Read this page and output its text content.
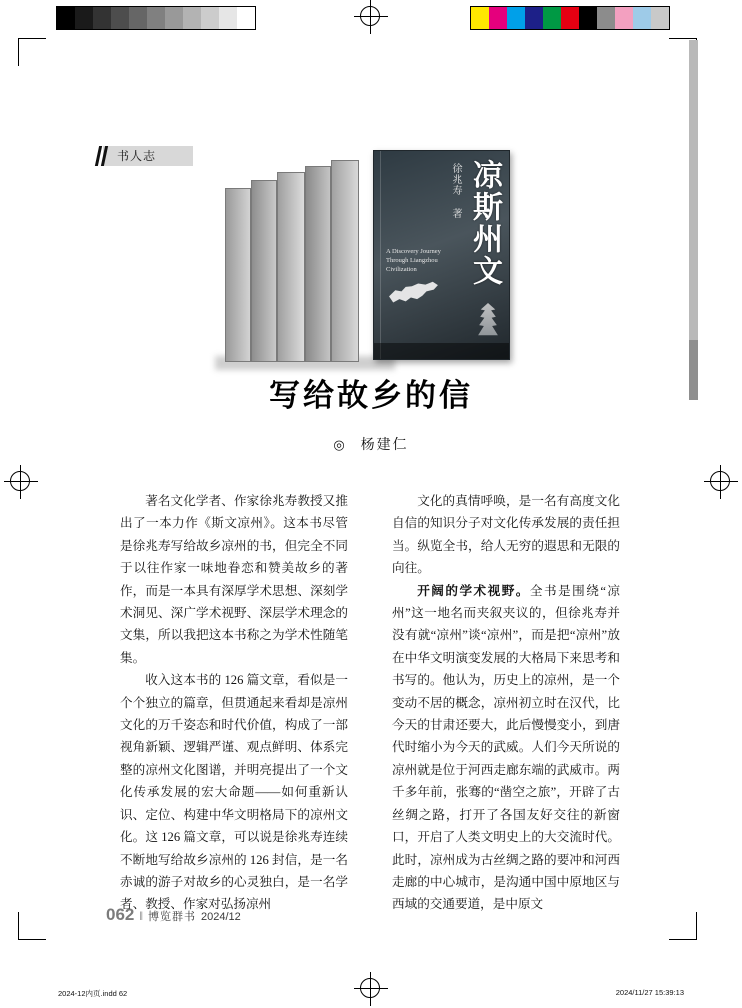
书人志
凉斯州文
徐兆寿 著
A Discovery Journey Through Liangzhou Civilization
写给故乡的信
◎ 杨建仁

著名文化学者、作家徐兆寿教授又推出了一本力作《斯文凉州》。这本书尽管是徐兆寿写给故乡凉州的书，但完全不同于以往作家一味地眷恋和赞美故乡的著作，而是一本具有深厚学术思想、深刻学术洞见、深广学术视野、深层学术理念的文集，所以我把这本书称之为学术性随笔集。

收入这本书的 126 篇文章，看似是一个个独立的篇章，但贯通起来看却是凉州文化的万千姿态和时代价值，构成了一部视角新颖、逻辑严谨、观点鲜明、体系完整的凉州文化图谱，并明亮提出了一个文化传承发展的宏大命题——如何重新认识、定位、构建中华文明格局下的凉州文化。这 126 篇文章，可以说是徐兆寿连续不断地写给故乡凉州的 126 封信，是一名赤诚的游子对故乡的心灵独白，是一名学者、教授、作家对弘扬凉州

文化的真情呼唤，是一名有高度文化自信的知识分子对文化传承发展的责任担当。纵览全书，给人无穷的遐思和无限的向往。

开阔的学术视野。全书是围绕“凉州”这一地名而夹叙夹议的，但徐兆寿并没有就“凉州”谈“凉州”，而是把“凉州”放在中华文明演变发展的大格局下来思考和书写的。他认为，历史上的凉州，是一个变动不居的概念，凉州初立时在汉代，比今天的甘肃还要大，此后慢慢变小，到唐代时缩小为今天的武威。人们今天所说的凉州就是位于河西走廊东端的武威市。两千多年前，张骞的“凿空之旅”，开辟了古丝绸之路，打开了各国友好交往的新窗口，开启了人类文明史上的大交流时代。此时，凉州成为古丝绸之路的要冲和河西走廊的中心城市，是沟通中国中原地区与西域的交通要道，是中原文

062 ‖ 博览群书 2024/12
2024-12内页.indd 62	2024/11/27 15:39:13
